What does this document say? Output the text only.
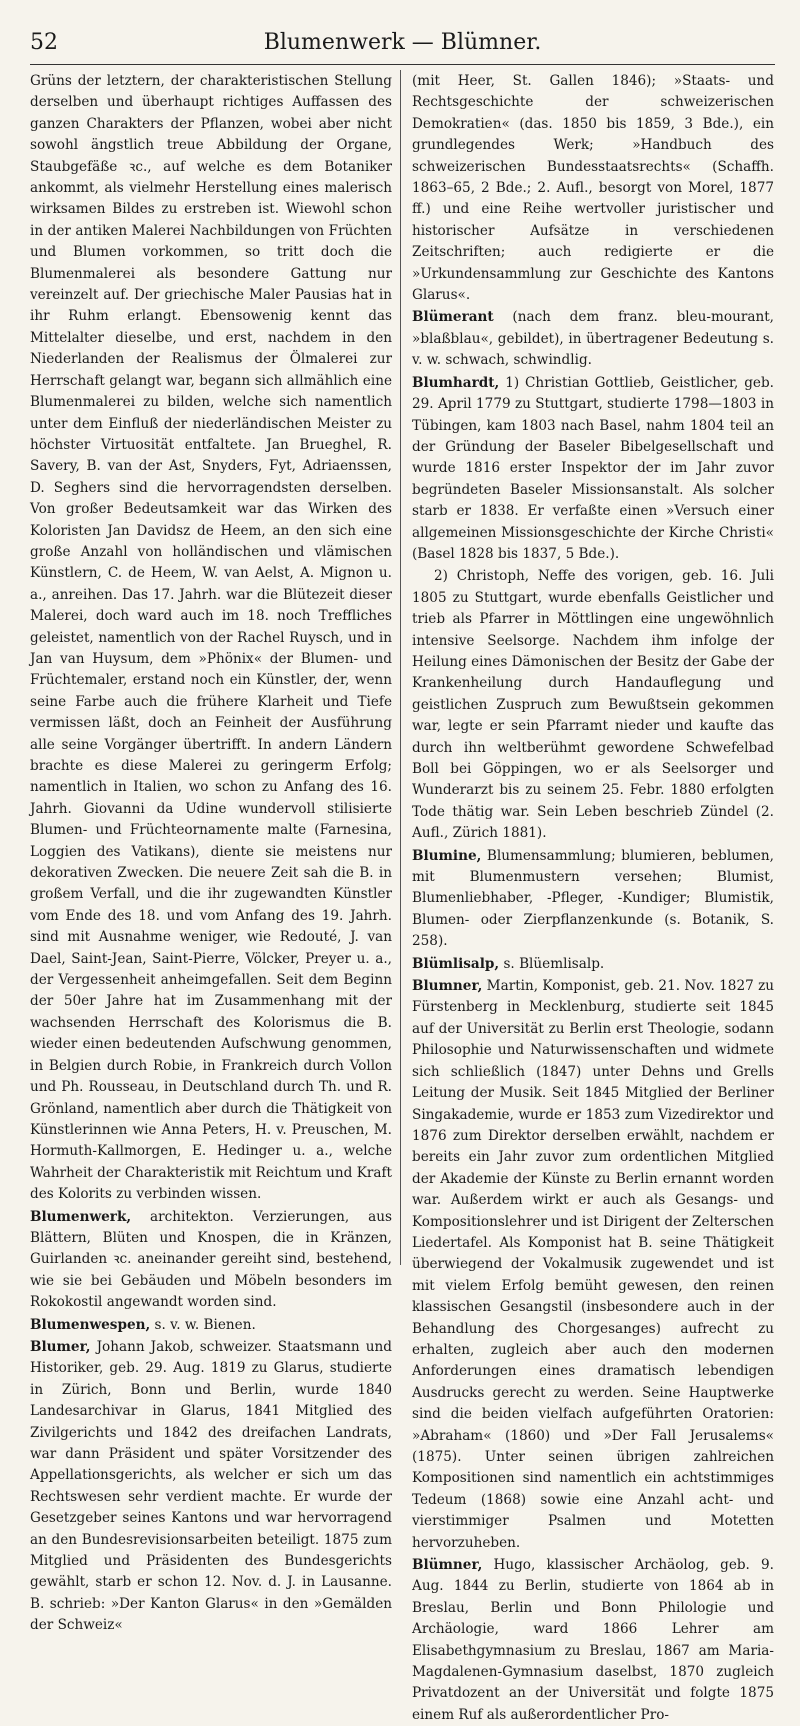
Blumenwerk — Blümner.
52

Grüns der letztern, der charakteristischen Stellung derselben und überhaupt richtiges Auffassen des ganzen Charakters der Pflanzen, wobei aber nicht sowohl ängstlich treue Abbildung der Organe, Staubgefäße ꝛc., auf welche es dem Botaniker ankommt, als vielmehr Herstellung eines malerisch wirksamen Bildes zu erstreben ist. Wiewohl schon in der antiken Malerei Nachbildungen von Früchten und Blumen vorkommen, so tritt doch die Blumenmalerei als besondere Gattung nur vereinzelt auf. Der griechische Maler Pausias hat in ihr Ruhm erlangt. Ebensowenig kennt das Mittelalter dieselbe, und erst, nachdem in den Niederlanden der Realismus der Ölmalerei zur Herrschaft gelangt war, begann sich allmählich eine Blumenmalerei zu bilden, welche sich namentlich unter dem Einfluß der niederländischen Meister zu höchster Virtuosität entfaltete. Jan Brueghel, R. Savery, B. van der Ast, Snyders, Fyt, Adriaenssen, D. Seghers sind die hervorragendsten derselben. Von großer Bedeutsamkeit war das Wirken des Koloristen Jan Davidsz de Heem, an den sich eine große Anzahl von holländischen und vlämischen Künstlern, C. de Heem, W. van Aelst, A. Mignon u. a., anreihen. Das 17. Jahrh. war die Blütezeit dieser Malerei, doch ward auch im 18. noch Treffliches geleistet, namentlich von der Rachel Ruysch, und in Jan van Huysum, dem »Phönix« der Blumen- und Früchtemaler, erstand noch ein Künstler, der, wenn seine Farbe auch die frühere Klarheit und Tiefe vermissen läßt, doch an Feinheit der Ausführung alle seine Vorgänger übertrifft. In andern Ländern brachte es diese Malerei zu geringerm Erfolg; namentlich in Italien, wo schon zu Anfang des 16. Jahrh. Giovanni da Udine wundervoll stilisierte Blumen- und Früchteornamente malte (Farnesina, Loggien des Vatikans), diente sie meistens nur dekorativen Zwecken. Die neuere Zeit sah die B. in großem Verfall, und die ihr zugewandten Künstler vom Ende des 18. und vom Anfang des 19. Jahrh. sind mit Ausnahme weniger, wie Redouté, J. van Dael, Saint-Jean, Saint-Pierre, Völcker, Preyer u. a., der Vergessenheit anheimgefallen. Seit dem Beginn der 50er Jahre hat im Zusammenhang mit der wachsenden Herrschaft des Kolorismus die B. wieder einen bedeutenden Aufschwung genommen, in Belgien durch Robie, in Frankreich durch Vollon und Ph. Rousseau, in Deutschland durch Th. und R. Grönland, namentlich aber durch die Thätigkeit von Künstlerinnen wie Anna Peters, H. v. Preuschen, M. Hormuth-Kallmorgen, E. Hedinger u. a., welche Wahrheit der Charakteristik mit Reichtum und Kraft des Kolorits zu verbinden wissen.

Blumenwerk, architekton. Verzierungen, aus Blättern, Blüten und Knospen, die in Kränzen, Guirlanden ꝛc. aneinander gereiht sind, bestehend, wie sie bei Gebäuden und Möbeln besonders im Rokokostil angewandt worden sind.

Blumenwespen, s. v. w. Bienen.

Blumer, Johann Jakob, schweizer. Staatsmann und Historiker, geb. 29. Aug. 1819 zu Glarus, studierte in Zürich, Bonn und Berlin, wurde 1840 Landesarchivar in Glarus, 1841 Mitglied des Zivilgerichts und 1842 des dreifachen Landrats, war dann Präsident und später Vorsitzender des Appellationsgerichts, als welcher er sich um das Rechtswesen sehr verdient machte. Er wurde der Gesetzgeber seines Kantons und war hervorragend an den Bundesrevisionsarbeiten beteiligt. 1875 zum Mitglied und Präsidenten des Bundesgerichts gewählt, starb er schon 12. Nov. d. J. in Lausanne. B. schrieb: »Der Kanton Glarus« in den »Gemälden der Schweiz«

(mit Heer, St. Gallen 1846); »Staats- und Rechtsgeschichte der schweizerischen Demokratien« (das. 1850 bis 1859, 3 Bde.), ein grundlegendes Werk; »Handbuch des schweizerischen Bundesstaatsrechts« (Schaffh. 1863–65, 2 Bde.; 2. Aufl., besorgt von Morel, 1877 ff.) und eine Reihe wertvoller juristischer und historischer Aufsätze in verschiedenen Zeitschriften; auch redigierte er die »Urkundensammlung zur Geschichte des Kantons Glarus«.

Blümerant (nach dem franz. bleu-mourant, »blaßblau«, gebildet), in übertragener Bedeutung s. v. w. schwach, schwindlig.

Blumhardt, 1) Christian Gottlieb, Geistlicher, geb. 29. April 1779 zu Stuttgart, studierte 1798—1803 in Tübingen, kam 1803 nach Basel, nahm 1804 teil an der Gründung der Baseler Bibelgesellschaft und wurde 1816 erster Inspektor der im Jahr zuvor begründeten Baseler Missionsanstalt. Als solcher starb er 1838. Er verfaßte einen »Versuch einer allgemeinen Missionsgeschichte der Kirche Christi« (Basel 1828 bis 1837, 5 Bde.).

2) Christoph, Neffe des vorigen, geb. 16. Juli 1805 zu Stuttgart, wurde ebenfalls Geistlicher und trieb als Pfarrer in Möttlingen eine ungewöhnlich intensive Seelsorge. Nachdem ihm infolge der Heilung eines Dämonischen der Besitz der Gabe der Krankenheilung durch Handauflegung und geistlichen Zuspruch zum Bewußtsein gekommen war, legte er sein Pfarramt nieder und kaufte das durch ihn weltberühmt gewordene Schwefelbad Boll bei Göppingen, wo er als Seelsorger und Wunderarzt bis zu seinem 25. Febr. 1880 erfolgten Tode thätig war. Sein Leben beschrieb Zündel (2. Aufl., Zürich 1881).

Blumine, Blumensammlung; blumieren, beblumen, mit Blumenmustern versehen; Blumist, Blumenliebhaber, -Pfleger, -Kundiger; Blumistik, Blumen- oder Zierpflanzenkunde (s. Botanik, S. 258).

Blümlisalp, s. Blüemlisalp.

Blumner, Martin, Komponist, geb. 21. Nov. 1827 zu Fürstenberg in Mecklenburg, studierte seit 1845 auf der Universität zu Berlin erst Theologie, sodann Philosophie und Naturwissenschaften und widmete sich schließlich (1847) unter Dehns und Grells Leitung der Musik. Seit 1845 Mitglied der Berliner Singakademie, wurde er 1853 zum Vizedirektor und 1876 zum Direktor derselben erwählt, nachdem er bereits ein Jahr zuvor zum ordentlichen Mitglied der Akademie der Künste zu Berlin ernannt worden war. Außerdem wirkt er auch als Gesangs- und Kompositionslehrer und ist Dirigent der Zelterschen Liedertafel. Als Komponist hat B. seine Thätigkeit überwiegend der Vokalmusik zugewendet und ist mit vielem Erfolg bemüht gewesen, den reinen klassischen Gesangstil (insbesondere auch in der Behandlung des Chorgesanges) aufrecht zu erhalten, zugleich aber auch den modernen Anforderungen eines dramatisch lebendigen Ausdrucks gerecht zu werden. Seine Hauptwerke sind die beiden vielfach aufgeführten Oratorien: »Abraham« (1860) und »Der Fall Jerusalems« (1875). Unter seinen übrigen zahlreichen Kompositionen sind namentlich ein achtstimmiges Tedeum (1868) sowie eine Anzahl acht- und vierstimmiger Psalmen und Motetten hervorzuheben.

Blümner, Hugo, klassischer Archäolog, geb. 9. Aug. 1844 zu Berlin, studierte von 1864 ab in Breslau, Berlin und Bonn Philologie und Archäologie, ward 1866 Lehrer am Elisabethgymnasium zu Breslau, 1867 am Maria-Magdalenen-Gymnasium daselbst, 1870 zugleich Privatdozent an der Universität und folgte 1875 einem Ruf als außerordentlicher Pro-
